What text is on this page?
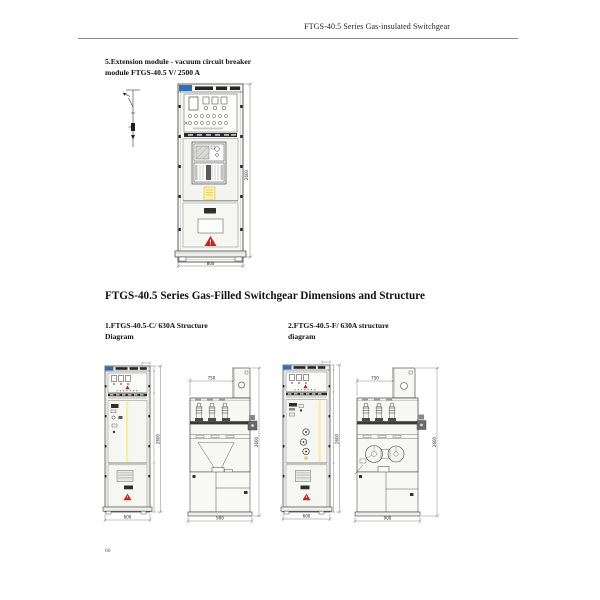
FTGS-40.5 Series Gas-insulated Switchgear
5.Extension module - vacuum circuit breaker
module FTGS-40.5 V/ 2500 A
2600
800
FTGS-40.5 Series Gas-Filled Switchgear Dimensions and Structure
1.FTGS-40.5-C/ 630A Structure
Diagram
2.FTGS-40.5-F/ 630A structure
diagram
2600
600
750
900
2600	2600
600
750
900
2600
60
